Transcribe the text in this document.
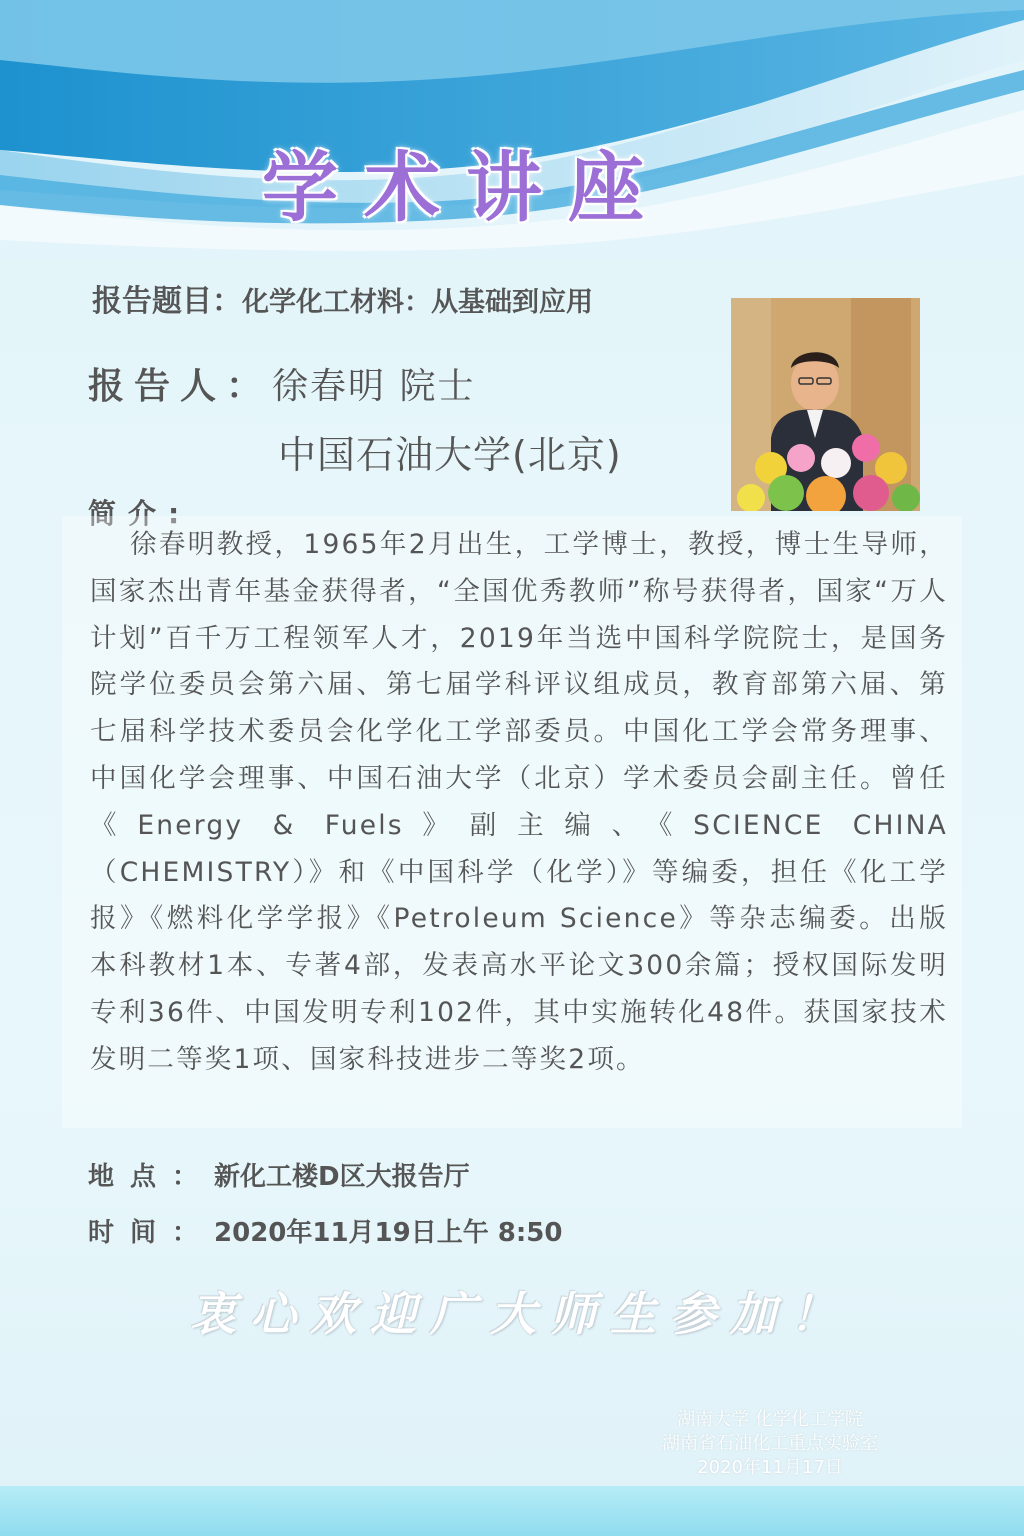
学术讲座
报告题目：化学化工材料：从基础到应用
报告人：徐春明 院士
中国石油大学(北京)
简介:

徐春明教授，1965年2月出生，工学博士，教授，博士生导师，国家杰出青年基金获得者，“全国优秀教师”称号获得者，国家“万人计划”百千万工程领军人才，2019年当选中国科学院院士，是国务院学位委员会第六届、第七届学科评议组成员，教育部第六届、第七届科学技术委员会化学化工学部委员。中国化工学会常务理事、中国化学会理事、中国石油大学（北京）学术委员会副主任。曾任《Energy & Fuels》副主编、《SCIENCE CHINA（CHEMISTRY）》和《中国科学（化学）》等编委，担任《化工学报》《燃料化学学报》《Petroleum Science》等杂志编委。出版本科教材1本、专著4部，发表高水平论文300余篇；授权国际发明专利36件、中国发明专利102件，其中实施转化48件。获国家技术发明二等奖1项、国家科技进步二等奖2项。

地点：新化工楼D区大报告厅
时间：2020年11月19日上午 8:50
衷心欢迎广大师生参加！
湖南大学 化学化工学院
湖南省石油化工重点实验室
2020年11月17日
